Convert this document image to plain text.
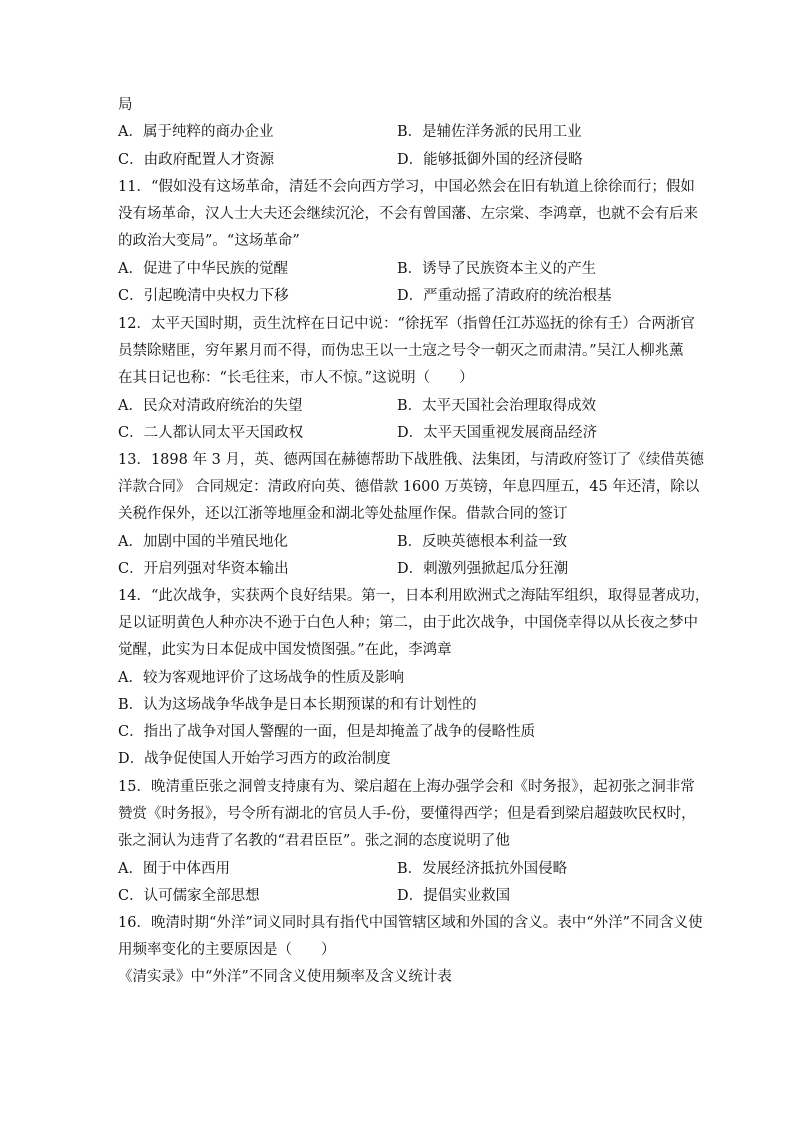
局
A．属于纯粹的商办企业	B．是辅佐洋务派的民用工业
C．由政府配置人才资源	D．能够抵御外国的经济侵略
11．“假如没有这场革命，清廷不会向西方学习，中国必然会在旧有轨道上徐徐而行；假如
没有场革命，汉人士大夫还会继续沉沦，不会有曾国藩、左宗棠、李鸿章，也就不会有后来
的政治大变局”。“这场革命”
A．促进了中华民族的觉醒	B．诱导了民族资本主义的产生
C．引起晚清中央权力下移	D．严重动摇了清政府的统治根基
12．太平天国时期，贡生沈梓在日记中说：“徐抚军（指曾任江苏巡抚的徐有壬）合两浙官
员禁除赌匪，穷年累月而不得，而伪忠王以一土寇之号令一朝灭之而肃清。”吴江人柳兆薰
在其日记也称：“长毛往来，市人不惊。”这说明（　　）
A．民众对清政府统治的失望	B．太平天国社会治理取得成效
C．二人都认同太平天国政权	D．太平天国重视发展商品经济
13．1898 年 3 月，英、德两国在赫德帮助下战胜俄、法集团，与清政府签订了《续借英德
洋款合同》 合同规定：清政府向英、德借款 1600 万英镑，年息四厘五，45 年还清，除以
关税作保外，还以江浙等地厘金和湖北等处盐厘作保。借款合同的签订
A．加剧中国的半殖民地化	B．反映英德根本利益一致
C．开启列强对华资本输出	D．刺激列强掀起瓜分狂潮
14．“此次战争，实获两个良好结果。第一，日本利用欧洲式之海陆军组织，取得显著成功，
足以证明黄色人种亦决不逊于白色人种；第二，由于此次战争，中国侥幸得以从长夜之梦中
觉醒，此实为日本促成中国发愤图强。”在此，李鸿章
A．较为客观地评价了这场战争的性质及影响
B．认为这场战争华战争是日本长期预谋的和有计划性的
C．指出了战争对国人警醒的一面，但是却掩盖了战争的侵略性质
D．战争促使国人开始学习西方的政治制度
15．晚清重臣张之洞曾支持康有为、梁启超在上海办强学会和《时务报》，起初张之洞非常
赞赏《时务报》，号令所有湖北的官员人手-份，要懂得西学；但是看到梁启超鼓吹民权时，
张之洞认为违背了名教的“君君臣臣”。张之洞的态度说明了他
A．囿于中体西用	B．发展经济抵抗外国侵略
C．认可儒家全部思想	D．提倡实业救国
16．晚清时期“外洋”词义同时具有指代中国管辖区域和外国的含义。表中“外洋”不同含义使
用频率变化的主要原因是（　　）
《清实录》中“外洋”不同含义使用频率及含义统计表
